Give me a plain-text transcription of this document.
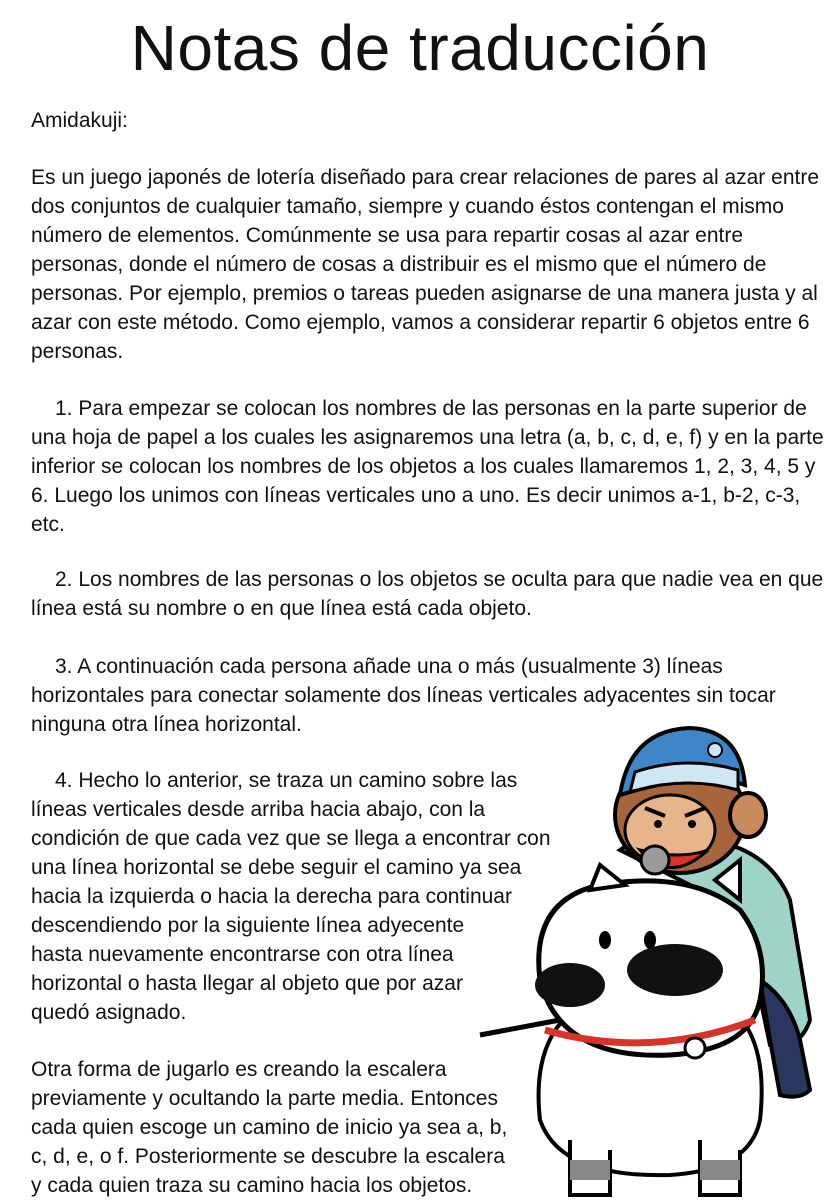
Notas de traducción

Amidakuji:

Es un juego japonés de lotería diseñado para crear relaciones de pares al azar entre dos conjuntos de cualquier tamaño, siempre y cuando éstos contengan el mismo número de elementos. Comúnmente se usa para repartir cosas al azar entre personas, donde el número de cosas a distribuir es el mismo que el número de personas. Por ejemplo, premios o tareas pueden asignarse de una manera justa y al azar con este método. Como ejemplo, vamos a considerar repartir 6 objetos entre 6 personas.

1. Para empezar se colocan los nombres de las personas en la parte superior de una hoja de papel a los cuales les asignaremos una letra (a, b, c, d, e, f) y en la parte inferior se colocan los nombres de los objetos a los cuales llamaremos 1, 2, 3, 4, 5 y 6. Luego los unimos con líneas verticales uno a uno. Es decir unimos a-1, b-2, c-3, etc.

2. Los nombres de las personas o los objetos se oculta para que nadie vea en que línea está su nombre o en que línea está cada objeto.

3. A continuación cada persona añade una o más (usualmente 3) líneas horizontales para conectar solamente dos líneas verticales adyacentes sin tocar ninguna otra línea horizontal.

4. Hecho lo anterior, se traza un camino sobre las
líneas verticales desde arriba hacia abajo, con la
condición de que cada vez que se llega a encontrar con
una línea horizontal se debe seguir el camino ya sea
hacia la izquierda o hacia la derecha para continuar
descendiendo por la siguiente línea adyecente
hasta nuevamente encontrarse con otra línea
horizontal o hasta llegar al objeto que por azar
quedó asignado.
Otra forma de jugarlo es creando la escalera
previamente y ocultando la parte media. Entonces
cada quien escoge un camino de inicio ya sea a, b,
c, d, e, o f. Posteriormente se descubre la escalera
y cada quien traza su camino hacia los objetos.
